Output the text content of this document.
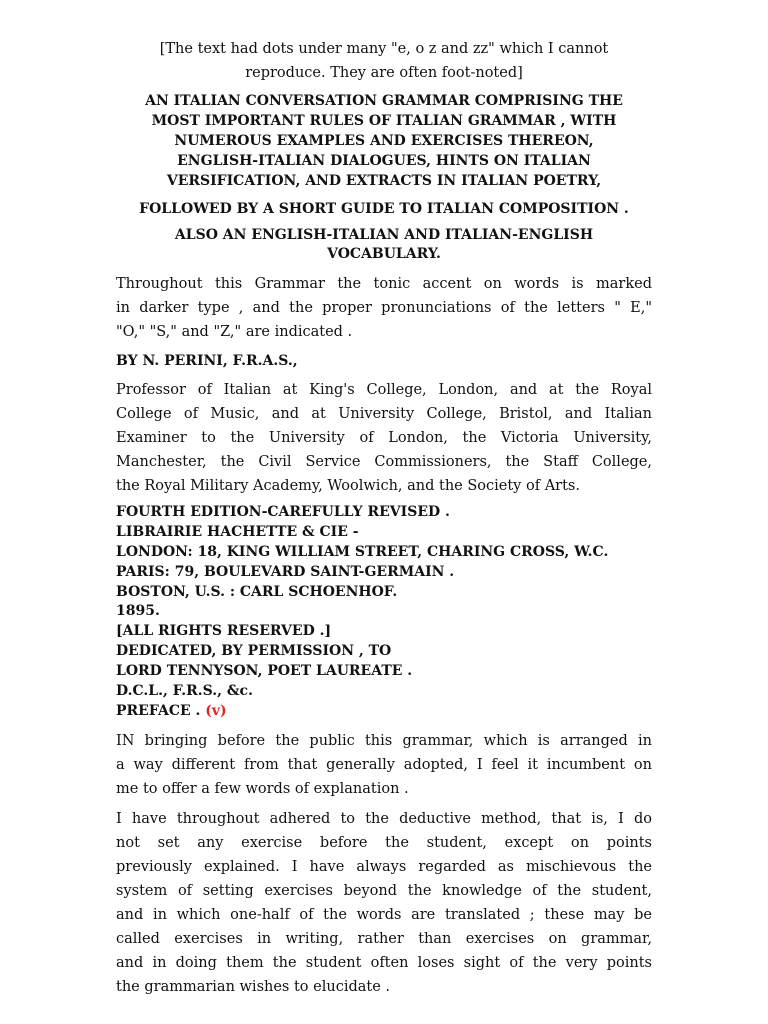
[The text had dots under many "e, o z and zz" which I cannot
reproduce. They are often foot-noted]
AN ITALIAN CONVERSATION GRAMMAR COMPRISING THE
MOST IMPORTANT RULES OF ITALIAN GRAMMAR , WITH
NUMEROUS EXAMPLES AND EXERCISES THEREON,
ENGLISH-ITALIAN DIALOGUES, HINTS ON ITALIAN
VERSIFICATION, AND EXTRACTS IN ITALIAN POETRY,
FOLLOWED BY A SHORT GUIDE TO ITALIAN COMPOSITION .
ALSO AN ENGLISH-ITALIAN AND ITALIAN-ENGLISH
VOCABULARY.
Throughout this Grammar the tonic accent on words is marked
in darker type , and the proper pronunciations of the letters " E,"
"O," "S," and "Z," are indicated .
BY N. PERINI, F.R.A.S.,
Professor of Italian at King's College, London, and at the Royal
College of Music, and at University College, Bristol, and Italian
Examiner to the University of London, the Victoria University,
Manchester, the Civil Service Commissioners, the Staff College,
the Royal Military Academy, Woolwich, and the Society of Arts.
FOURTH EDITION-CAREFULLY REVISED .
LIBRAIRIE HACHETTE & CIE -
LONDON: 18, KING WILLIAM STREET, CHARING CROSS, W.C.
PARIS: 79, BOULEVARD SAINT-GERMAIN .
BOSTON, U.S. : CARL SCHOENHOF.
1895.
[ALL RIGHTS RESERVED .]
DEDICATED, BY PERMISSION , TO
LORD TENNYSON, POET LAUREATE .
D.C.L., F.R.S., &c.
PREFACE . (v)
IN bringing before the public this grammar, which is arranged in
a way different from that generally adopted, I feel it incumbent on
me to offer a few words of explanation .
I have throughout adhered to the deductive method, that is, I do
not set any exercise before the student, except on points
previously explained. I have always regarded as mischievous the
system of setting exercises beyond the knowledge of the student,
and in which one-half of the words are translated ; these may be
called exercises in writing, rather than exercises on grammar,
and in doing them the student often loses sight of the very points
the grammarian wishes to elucidate .
